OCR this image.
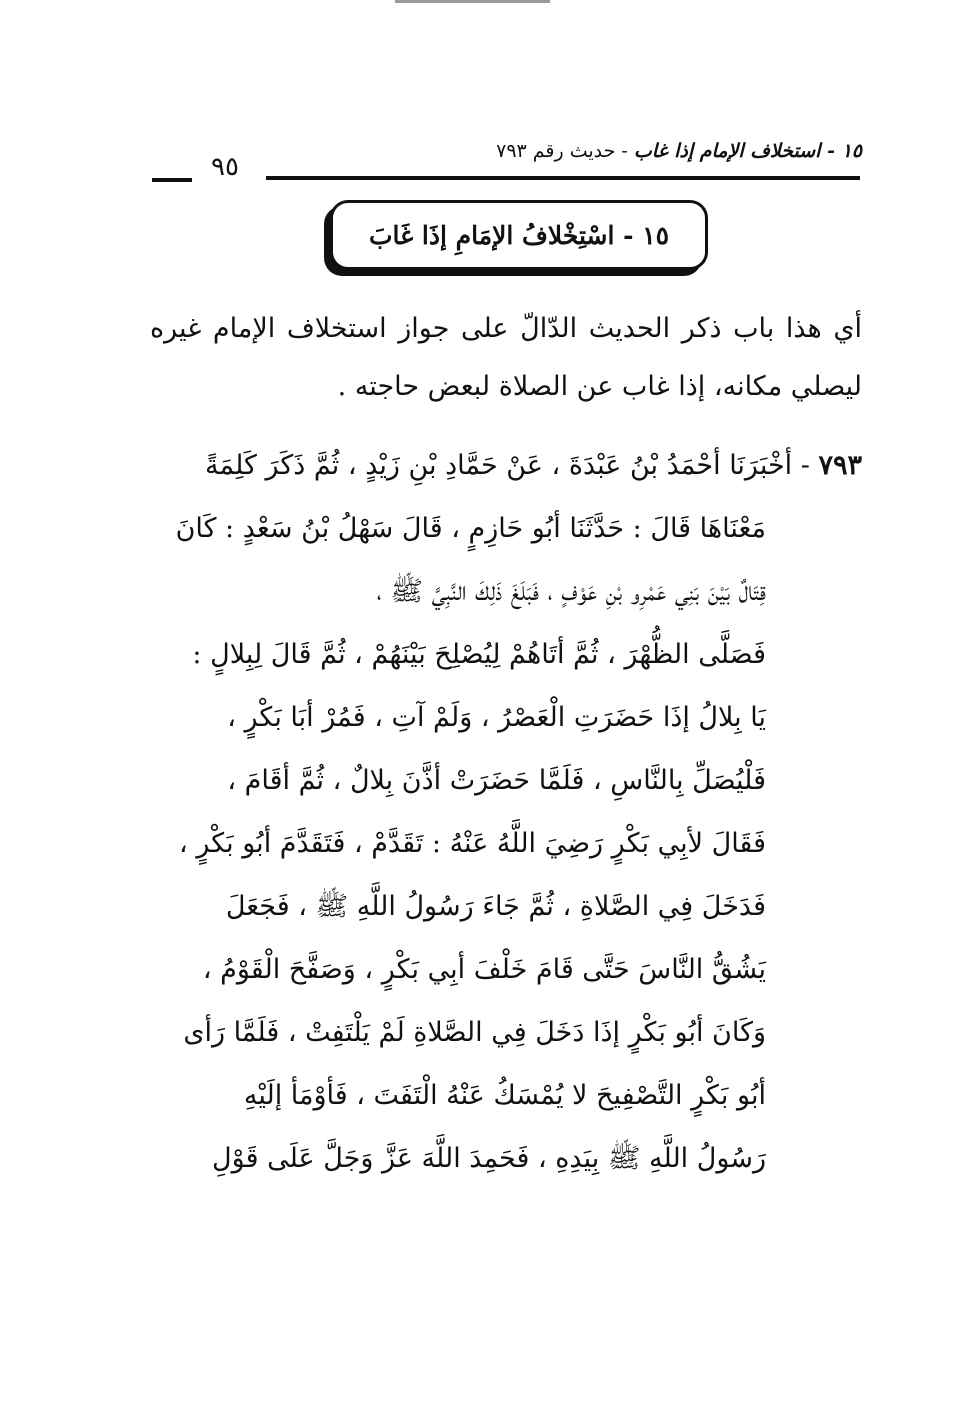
١٥ - استخلاف الإمام إذا غاب - حديث رقم ٧٩٣
٩٥
١٥ - اسْتِخْلافُ الإمَامِ إذَا غَابَ
أي هذا باب ذكر الحديث الدّالّ على جواز استخلاف الإمام غيره ليصلي مكانه، إذا غاب عن الصلاة لبعض حاجته .
٧٩٣ - أخْبَرَنَا أحْمَدُ بْنُ عَبْدَةَ ، عَنْ حَمَّادِ بْنِ زَيْدٍ ، ثُمَّ ذَكَرَ كَلِمَةً
مَعْنَاهَا قَالَ : حَدَّثَنَا أبُو حَازِمٍ ، قَالَ سَهْلُ بْنُ سَعْدٍ : كَانَ
قِتَالٌ بَيْنَ بَنِي عَمْرِو بْنِ عَوْفٍ ، فَبَلَغَ ذَلِكَ النَّبِيَّ ﷺ ،
فَصَلَّى الظُّهْرَ ، ثُمَّ أتَاهُمْ لِيُصْلِحَ بَيْنَهُمْ ، ثُمَّ قَالَ لِبِلالٍ :
يَا بِلالُ إذَا حَضَرَتِ الْعَصْرُ ، وَلَمْ آتِ ، فَمُرْ أبَا بَكْرٍ ،
فَلْيُصَلِّ بِالنَّاسِ ، فَلَمَّا حَضَرَتْ أذَّنَ بِلالٌ ، ثُمَّ أقَامَ ،
فَقَالَ لأبِي بَكْرٍ رَضِيَ اللَّهُ عَنْهُ : تَقَدَّمْ ، فَتَقَدَّمَ أبُو بَكْرٍ ،
فَدَخَلَ فِي الصَّلاةِ ، ثُمَّ جَاءَ رَسُولُ اللَّهِ ﷺ ، فَجَعَلَ
يَشُقُّ النَّاسَ حَتَّى قَامَ خَلْفَ أبِي بَكْرٍ ، وَصَفَّحَ الْقَوْمُ ،
وَكَانَ أبُو بَكْرٍ إذَا دَخَلَ فِي الصَّلاةِ لَمْ يَلْتَفِتْ ، فَلَمَّا رَأى
أبُو بَكْرٍ التَّصْفِيحَ لا يُمْسَكُ عَنْهُ الْتَفَتَ ، فَأوْمَأ إلَيْهِ
رَسُولُ اللَّهِ ﷺ بِيَدِهِ ، فَحَمِدَ اللَّهَ عَزَّ وَجَلَّ عَلَى قَوْلِ
